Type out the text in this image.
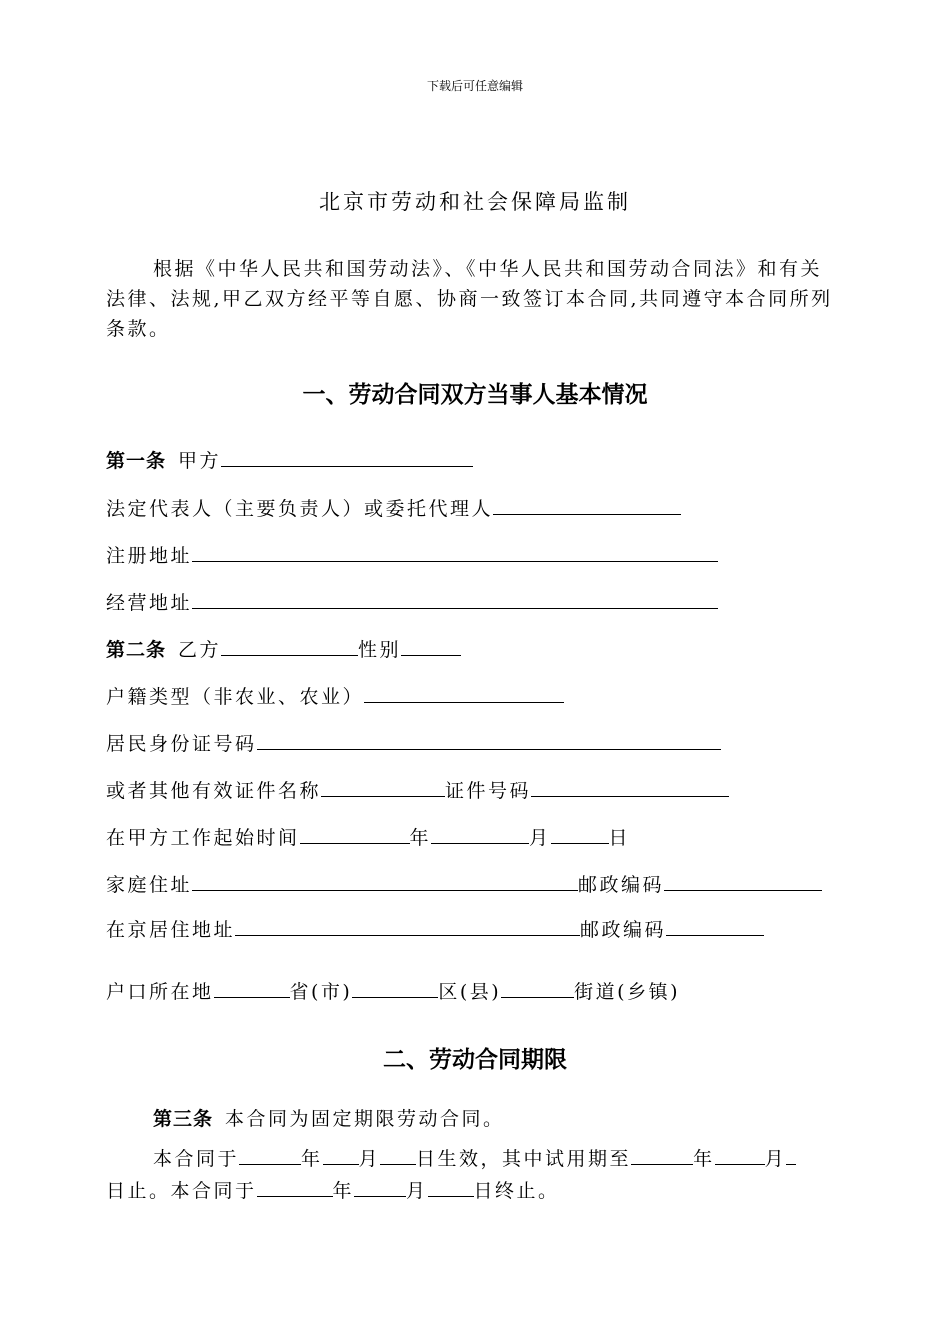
下载后可任意编辑
北京市劳动和社会保障局监制

根据《中华人民共和国劳动法》、《中华人民共和国劳动合同法》和有关法律、法规,甲乙双方经平等自愿、协商一致签订本合同,共同遵守本合同所列条款。

一、劳动合同双方当事人基本情况
第一条 甲方
法定代表人（主要负责人）或委托代理人
注册地址
经营地址
第二条 乙方	性别
户籍类型（非农业、农业）
居民身份证号码
或者其他有效证件名称	证件号码
在甲方工作起始时间	年	月	日
家庭住址	邮政编码
在京居住地址	邮政编码
户口所在地	省(市)	区(县)	街道(乡镇)
二、劳动合同期限
第三条 本合同为固定期限劳动合同。
本合同于	年 月 日生效，其中试用期至	年	月
日止。本合同于	年	月 日终止。
